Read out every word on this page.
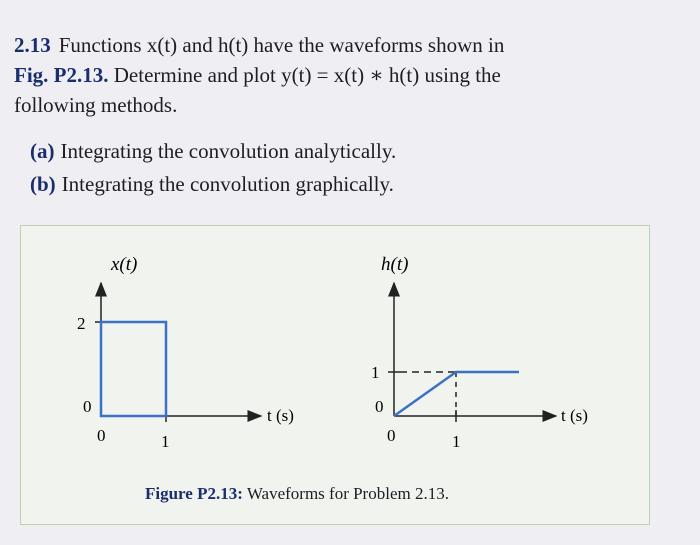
2.13 Functions x(t) and h(t) have the waveforms shown in
Fig. P2.13. Determine and plot y(t) = x(t) ∗ h(t) using the
following methods.
(a) Integrating the convolution analytically.
(b) Integrating the convolution graphically.
x(t)
2
0
0	1
t (s)
h(t)
1
0
0	1
t (s)
Figure P2.13: Waveforms for Problem 2.13.
